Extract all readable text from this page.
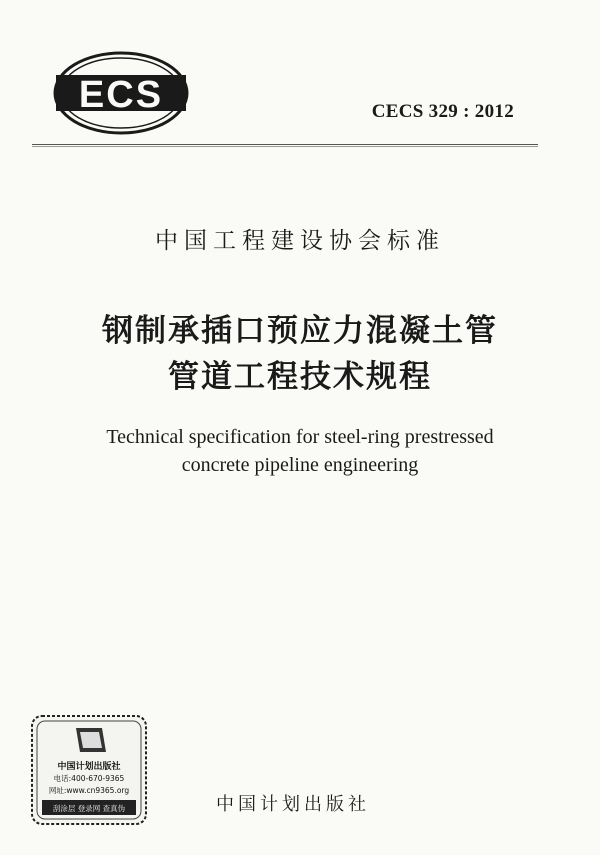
ECS	CECS 329 : 2012
中国工程建设协会标准
钢制承插口预应力混凝土管
管道工程技术规程
Technical specification for steel-ring prestressed
concrete pipeline engineering
中国计划出版社
电话:400-670-9365
网址:www.cn9365.org
刮涂层 登录网 查真伪	中国计划出版社
